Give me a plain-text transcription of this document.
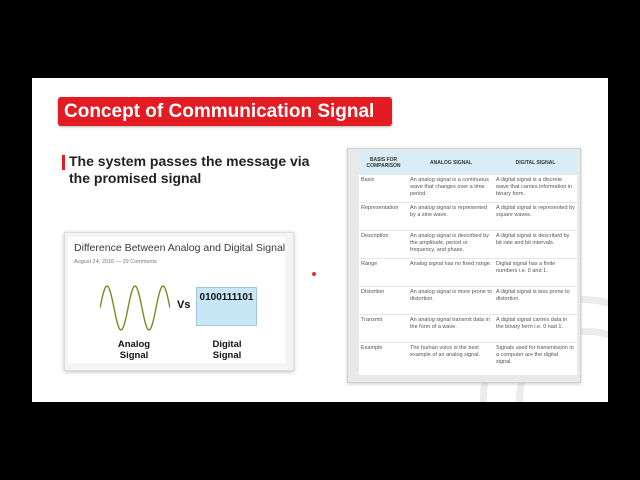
Concept of Communication Signal
The system passes the message via the promised signal
Difference Between Analog and Digital Signal
August 24, 2016 — 29 Comments
Vs
0100111101
Analog Signal
Digital Signal
BASIS FOR COMPARISON	ANALOG SIGNAL	DIGITAL SIGNAL
Basic	An analog signal is a continuous wave that changes over a time period.	A digital signal is a discrete wave that carries information in binary form.
Representation	An analog signal is represented by a sine wave.	A digital signal is represented by square waves.
Description	An analog signal is described by the amplitude, period or frequency, and phase.	A digital signal is described by bit rate and bit intervals.
Range	Analog signal has no fixed range.	Digital signal has a finite numbers i.e. 0 and 1.
Distortion	An analog signal is more prone to distortion.	A digital signal is less prone to distortion.
Transmit	An analog signal transmit data in the form of a wave.	A digital signal carries data in the binary form i.e. 0 nad 1.
Example	The human voice is the best example of an analog signal.	Signals used for transmission in a computer are the digital signal.
